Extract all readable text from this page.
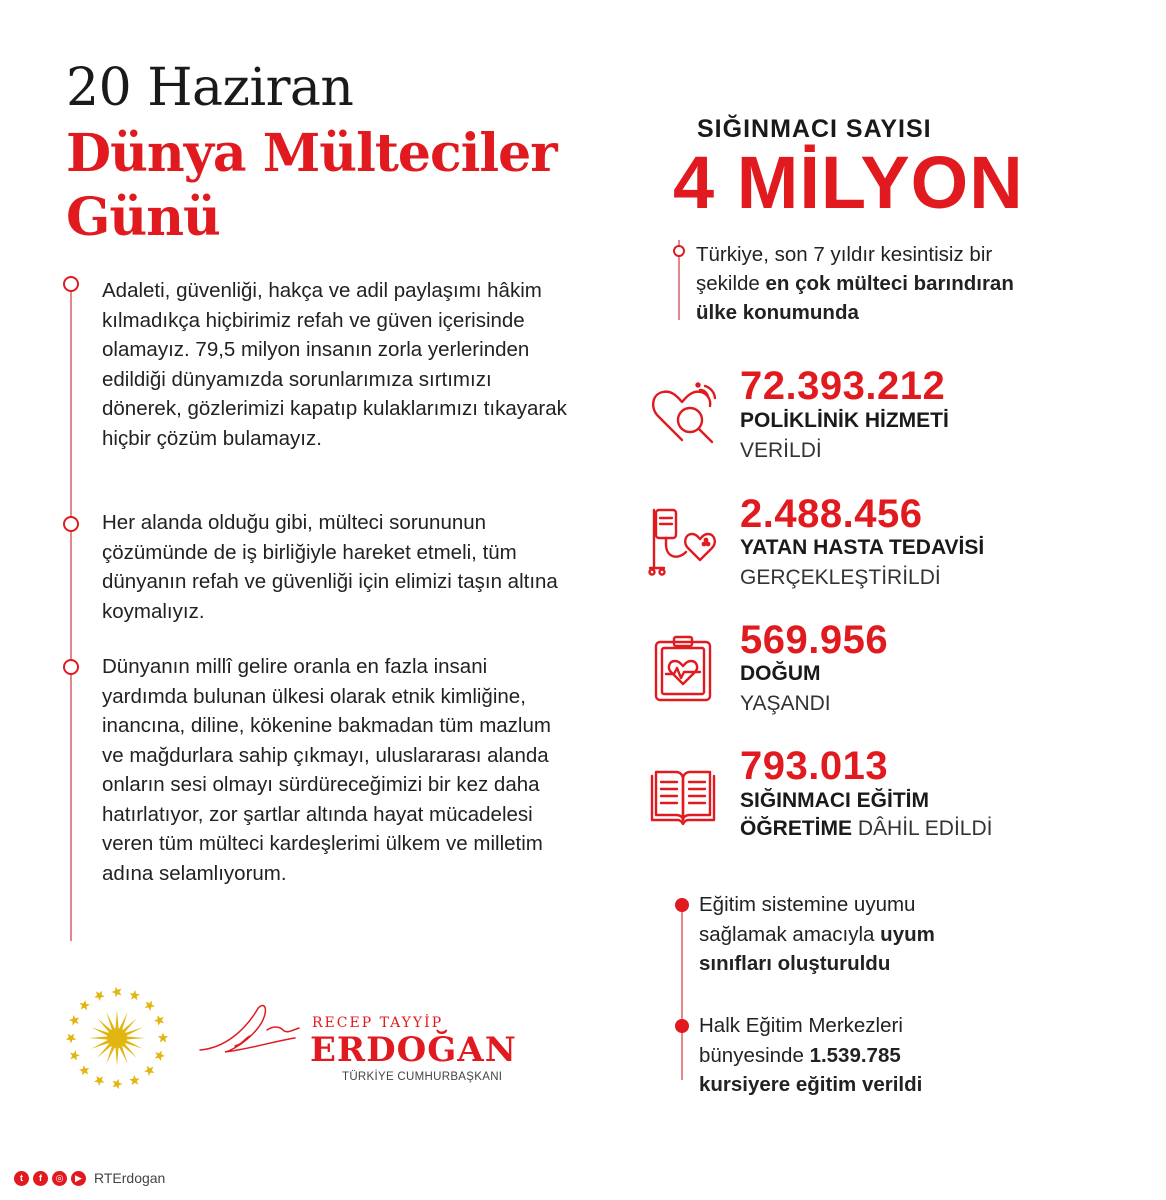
20 Haziran
Dünya Mülteciler Günü
Adaleti, güvenliği, hakça ve adil paylaşımı hâkim kılmadıkça hiçbirimiz refah ve güven içerisinde olamayız. 79,5 milyon insanın zorla yerlerinden edildiği dünyamızda sorunlarımıza sırtımızı dönerek, gözlerimizi kapatıp kulaklarımızı tıkayarak hiçbir çözüm bulamayız.
Her alanda olduğu gibi, mülteci sorununun çözümünde de iş birliğiyle hareket etmeli, tüm dünyanın refah ve güvenliği için elimizi taşın altına koymalıyız.
Dünyanın millî gelire oranla en fazla insani yardımda bulunan ülkesi olarak etnik kimliğine, inancına, diline, kökenine bakmadan tüm mazlum ve mağdurlara sahip çıkmayı, uluslararası alanda onların sesi olmayı sürdüreceğimizi bir kez daha hatırlatıyor, zor şartlar altında hayat mücadelesi veren tüm mülteci kardeşlerimi ülkem ve milletim adına selamlıyorum.
SIĞINMACI SAYISI
4 MİLYON
Türkiye, son 7 yıldır kesintisiz bir şekilde en çok mülteci barındıran ülke konumunda
72.393.212
POLİKLİNİK HİZMETİ
VERİLDİ
2.488.456
YATAN HASTA TEDAVİSİ
GERÇEKLEŞTİRİLDİ
569.956
DOĞUM
YAŞANDI
793.013
SIĞINMACI EĞİTİM
ÖĞRETİME DÂHİL EDİLDİ
Eğitim sistemine uyumu sağlamak amacıyla uyum sınıfları oluşturuldu
Halk Eğitim Merkezleri bünyesinde 1.539.785 kursiyere eğitim verildi
RECEP TAYYİP
ERDOĞAN
TÜRKİYE CUMHURBAŞKANI
t	f	◎	▶ RTErdogan
